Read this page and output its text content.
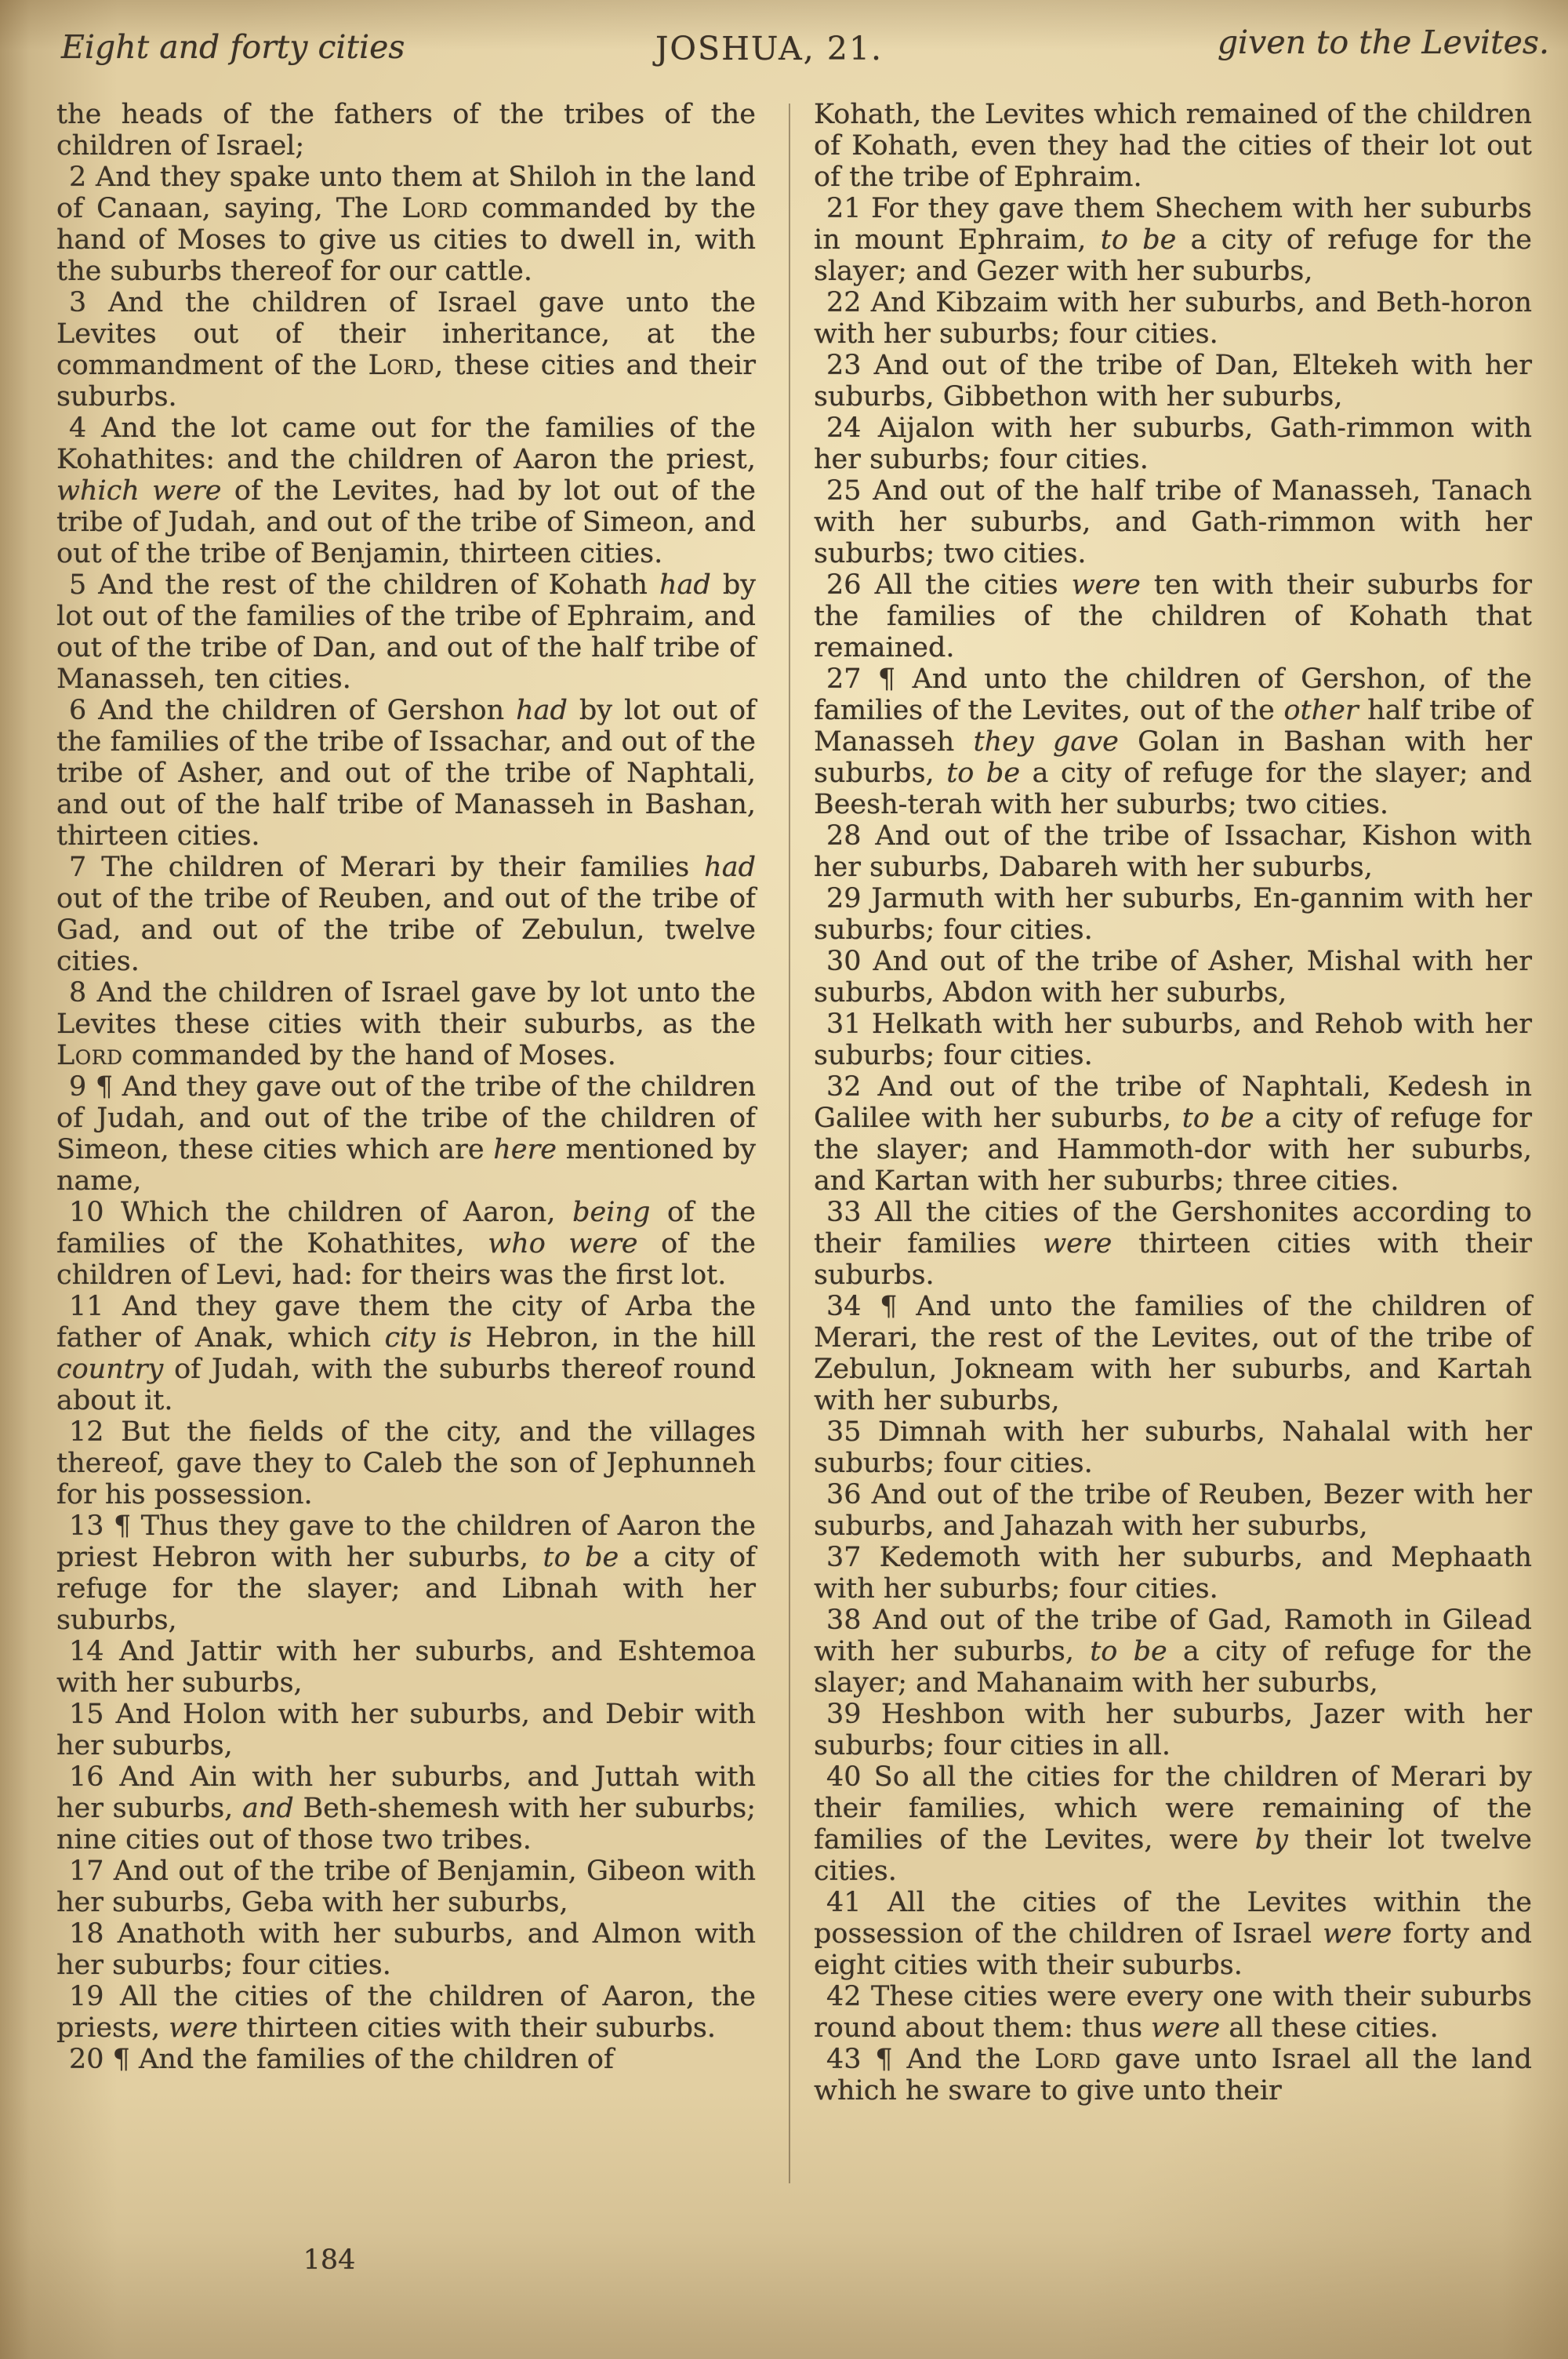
Eight and forty cities	JOSHUA, 21.	given to the Levites.

the heads of the fathers of the tribes of the children of Israel;

2 And they spake unto them at Shiloh in the land of Canaan, saying, The Lord commanded by the hand of Moses to give us cities to dwell in, with the suburbs thereof for our cattle.

3 And the children of Israel gave unto the Levites out of their inheritance, at the commandment of the Lord, these cities and their suburbs.

4 And the lot came out for the families of the Kohathites: and the children of Aaron the priest, which were of the Levites, had by lot out of the tribe of Judah, and out of the tribe of Simeon, and out of the tribe of Benjamin, thirteen cities.

5 And the rest of the children of Kohath had by lot out of the families of the tribe of Ephraim, and out of the tribe of Dan, and out of the half tribe of Manasseh, ten cities.

6 And the children of Gershon had by lot out of the families of the tribe of Issachar, and out of the tribe of Asher, and out of the tribe of Naphtali, and out of the half tribe of Manasseh in Bashan, thirteen cities.

7 The children of Merari by their families had out of the tribe of Reuben, and out of the tribe of Gad, and out of the tribe of Zebulun, twelve cities.

8 And the children of Israel gave by lot unto the Levites these cities with their suburbs, as the Lord commanded by the hand of Moses.

9 ¶ And they gave out of the tribe of the children of Judah, and out of the tribe of the children of Simeon, these cities which are here mentioned by name,

10 Which the children of Aaron, being of the families of the Kohathites, who were of the children of Levi, had: for theirs was the first lot.

11 And they gave them the city of Arba the father of Anak, which city is Hebron, in the hill country of Judah, with the suburbs thereof round about it.

12 But the fields of the city, and the villages thereof, gave they to Caleb the son of Jephunneh for his possession.

13 ¶ Thus they gave to the children of Aaron the priest Hebron with her suburbs, to be a city of refuge for the slayer; and Libnah with her suburbs,

14 And Jattir with her suburbs, and Eshtemoa with her suburbs,

15 And Holon with her suburbs, and Debir with her suburbs,

16 And Ain with her suburbs, and Juttah with her suburbs, and Beth-shemesh with her suburbs; nine cities out of those two tribes.

17 And out of the tribe of Benjamin, Gibeon with her suburbs, Geba with her suburbs,

18 Anathoth with her suburbs, and Almon with her suburbs; four cities.

19 All the cities of the children of Aaron, the priests, were thirteen cities with their suburbs.

20 ¶ And the families of the children of

Kohath, the Levites which remained of the children of Kohath, even they had the cities of their lot out of the tribe of Ephraim.

21 For they gave them Shechem with her suburbs in mount Ephraim, to be a city of refuge for the slayer; and Gezer with her suburbs,

22 And Kibzaim with her suburbs, and Beth-horon with her suburbs; four cities.

23 And out of the tribe of Dan, Eltekeh with her suburbs, Gibbethon with her suburbs,

24 Aijalon with her suburbs, Gath-rimmon with her suburbs; four cities.

25 And out of the half tribe of Manasseh, Tanach with her suburbs, and Gath-rimmon with her suburbs; two cities.

26 All the cities were ten with their suburbs for the families of the children of Kohath that remained.

27 ¶ And unto the children of Gershon, of the families of the Levites, out of the other half tribe of Manasseh they gave Golan in Bashan with her suburbs, to be a city of refuge for the slayer; and Beesh-terah with her suburbs; two cities.

28 And out of the tribe of Issachar, Kishon with her suburbs, Dabareh with her suburbs,

29 Jarmuth with her suburbs, En-gannim with her suburbs; four cities.

30 And out of the tribe of Asher, Mishal with her suburbs, Abdon with her suburbs,

31 Helkath with her suburbs, and Rehob with her suburbs; four cities.

32 And out of the tribe of Naphtali, Kedesh in Galilee with her suburbs, to be a city of refuge for the slayer; and Hammoth-dor with her suburbs, and Kartan with her suburbs; three cities.

33 All the cities of the Gershonites according to their families were thirteen cities with their suburbs.

34 ¶ And unto the families of the children of Merari, the rest of the Levites, out of the tribe of Zebulun, Jokneam with her suburbs, and Kartah with her suburbs,

35 Dimnah with her suburbs, Nahalal with her suburbs; four cities.

36 And out of the tribe of Reuben, Bezer with her suburbs, and Jahazah with her suburbs,

37 Kedemoth with her suburbs, and Mephaath with her suburbs; four cities.

38 And out of the tribe of Gad, Ramoth in Gilead with her suburbs, to be a city of refuge for the slayer; and Mahanaim with her suburbs,

39 Heshbon with her suburbs, Jazer with her suburbs; four cities in all.

40 So all the cities for the children of Merari by their families, which were remaining of the families of the Levites, were by their lot twelve cities.

41 All the cities of the Levites within the possession of the children of Israel were forty and eight cities with their suburbs.

42 These cities were every one with their suburbs round about them: thus were all these cities.

43 ¶ And the Lord gave unto Israel all the land which he sware to give unto their

184
